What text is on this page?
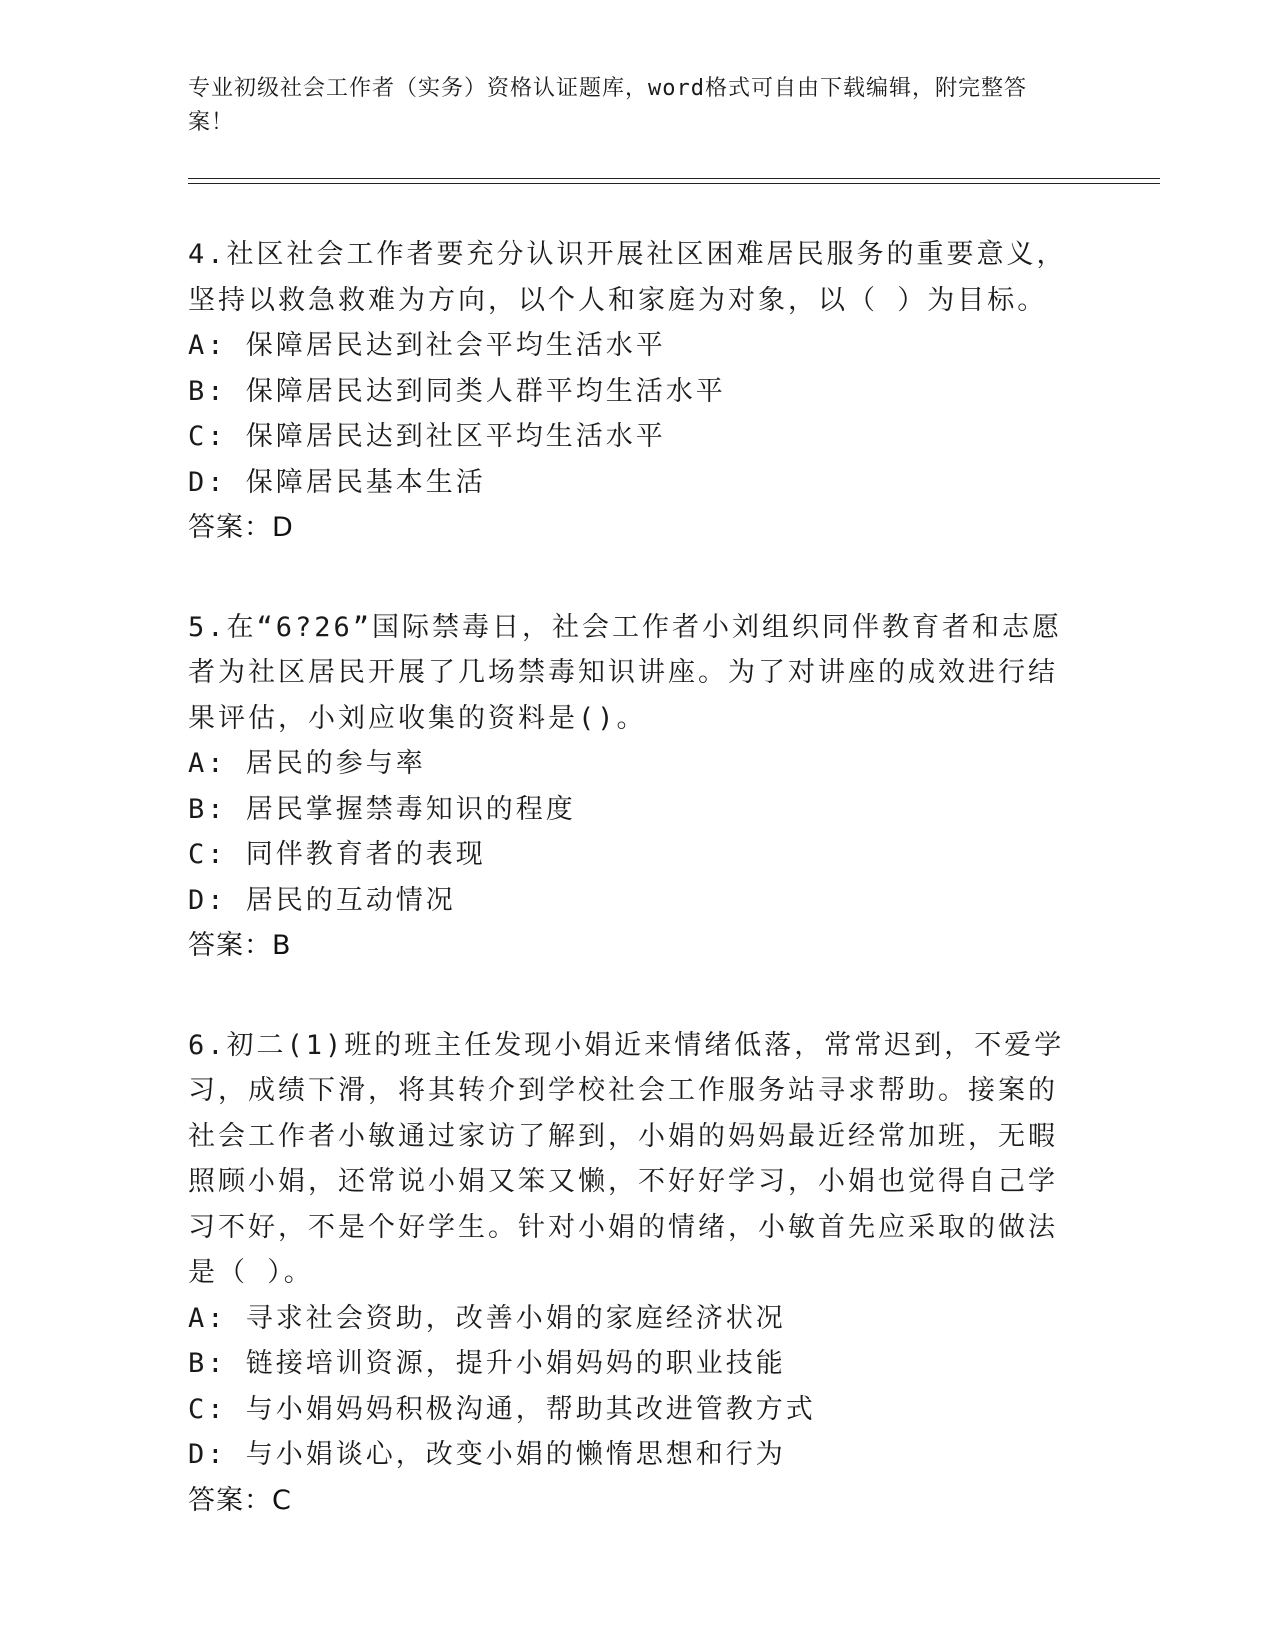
专业初级社会工作者（实务）资格认证题库，word格式可自由下载编辑，附完整答案！

4.社区社会工作者要充分认识开展社区困难居民服务的重要意义，坚持以救急救难为方向，以个人和家庭为对象，以（ ）为目标。

A: 保障居民达到社会平均生活水平
B: 保障居民达到同类人群平均生活水平
C: 保障居民达到社区平均生活水平
D: 保障居民基本生活
答案：D

5.在“6?26”国际禁毒日，社会工作者小刘组织同伴教育者和志愿者为社区居民开展了几场禁毒知识讲座。为了对讲座的成效进行结果评估，小刘应收集的资料是()。

A: 居民的参与率
B: 居民掌握禁毒知识的程度
C: 同伴教育者的表现
D: 居民的互动情况
答案：B

6.初二(1)班的班主任发现小娟近来情绪低落，常常迟到，不爱学习，成绩下滑，将其转介到学校社会工作服务站寻求帮助。接案的社会工作者小敏通过家访了解到，小娟的妈妈最近经常加班，无暇照顾小娟，还常说小娟又笨又懒，不好好学习，小娟也觉得自己学习不好，不是个好学生。针对小娟的情绪，小敏首先应采取的做法是（ ）。

A: 寻求社会资助，改善小娟的家庭经济状况
B: 链接培训资源，提升小娟妈妈的职业技能
C: 与小娟妈妈积极沟通，帮助其改进管教方式
D: 与小娟谈心，改变小娟的懒惰思想和行为
答案：C
